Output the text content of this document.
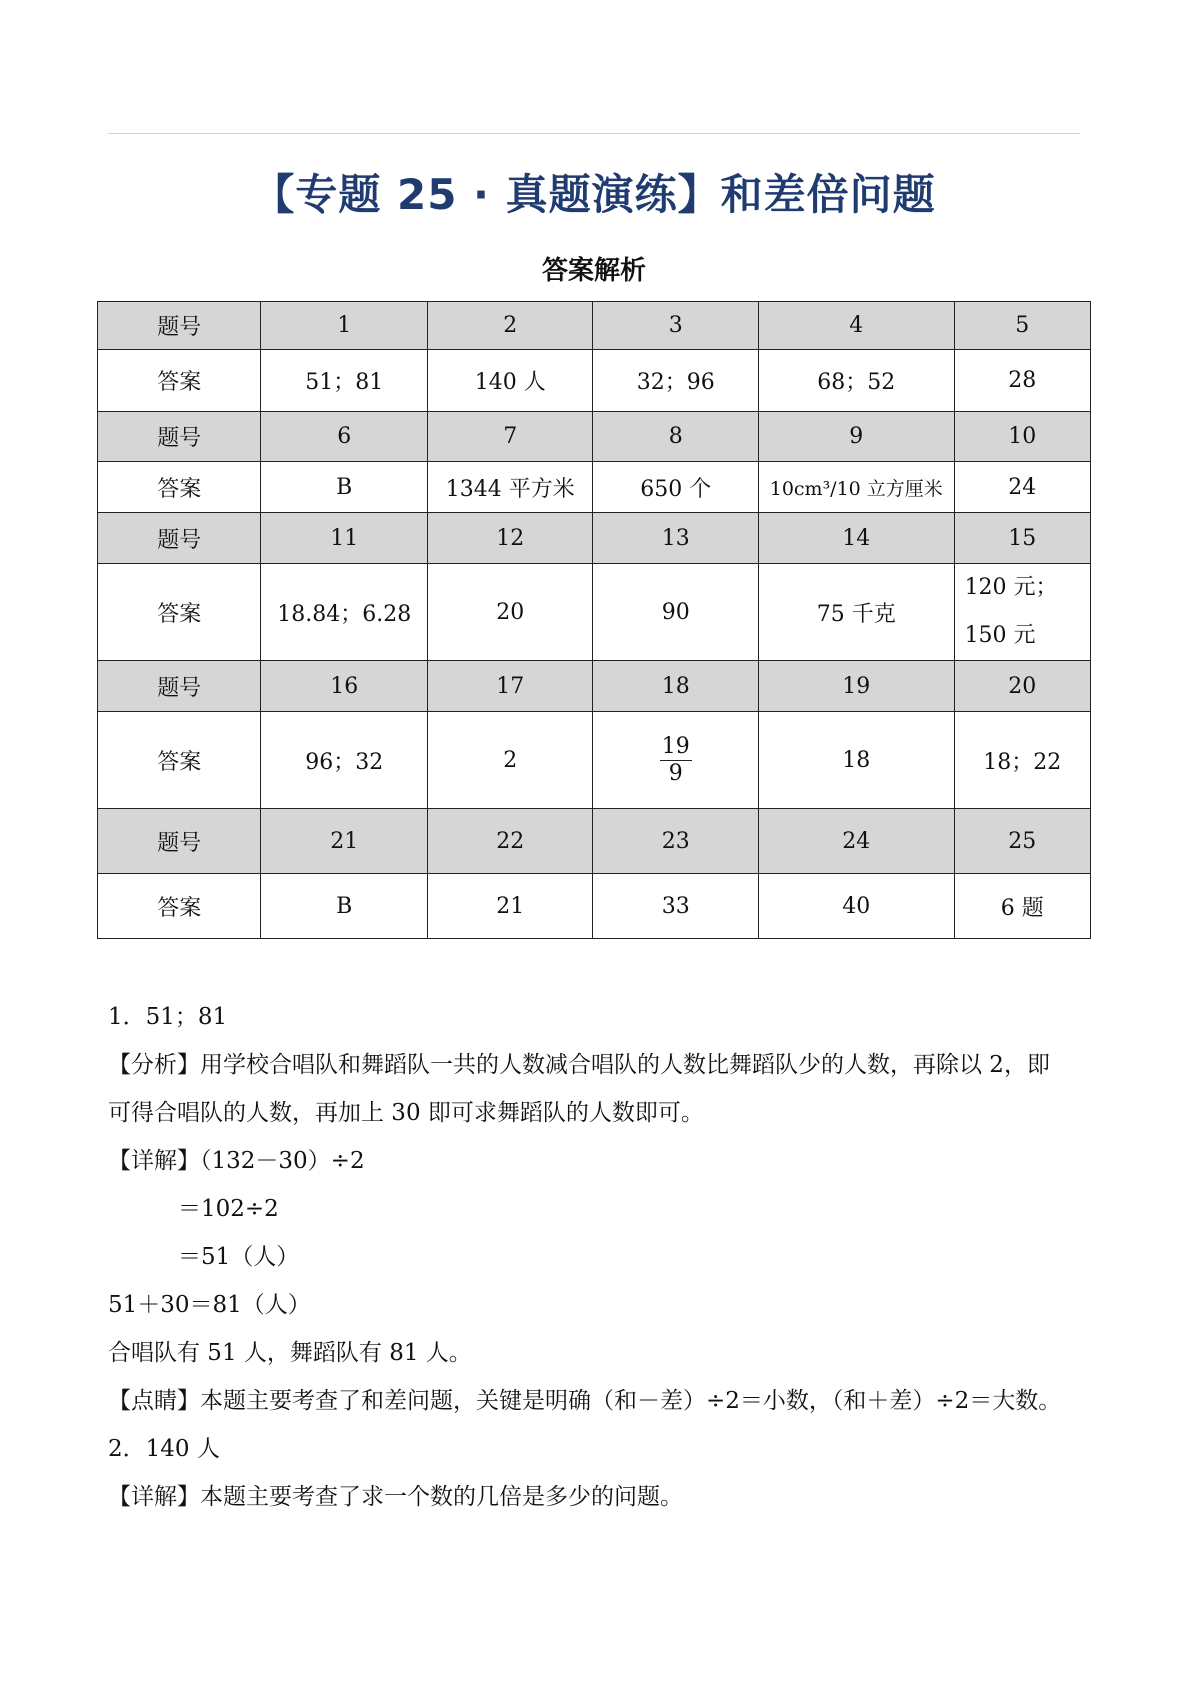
【专题 25 · 真题演练】和差倍问题
答案解析
题号	1	2	3	4	5
答案	51；81	140 人	32；96	68；52	28
题号	6	7	8	9	10
答案	B	1344 平方米	650 个	10cm³/10 立方厘米	24
题号	11	12	13	14	15
答案	18.84；6.28	20	90	75 千克	120 元；
150 元

题号	16	17	18	19	20
答案	96；32	2	$\frac{19}{9}$	18	18；22
题号	21	22	23	24	25
答案	B	21	33	40	6 题

1．51；81

【分析】用学校合唱队和舞蹈队一共的人数减合唱队的人数比舞蹈队少的人数，再除以 2，即

可得合唱队的人数，再加上 30 即可求舞蹈队的人数即可。

【详解】（132－30）÷2

＝102÷2

＝51（人）

51＋30＝81（人）

合唱队有 51 人，舞蹈队有 81 人。

【点睛】本题主要考查了和差问题，关键是明确（和－差）÷2＝小数，（和＋差）÷2＝大数。

2．140 人

【详解】本题主要考查了求一个数的几倍是多少的问题。
